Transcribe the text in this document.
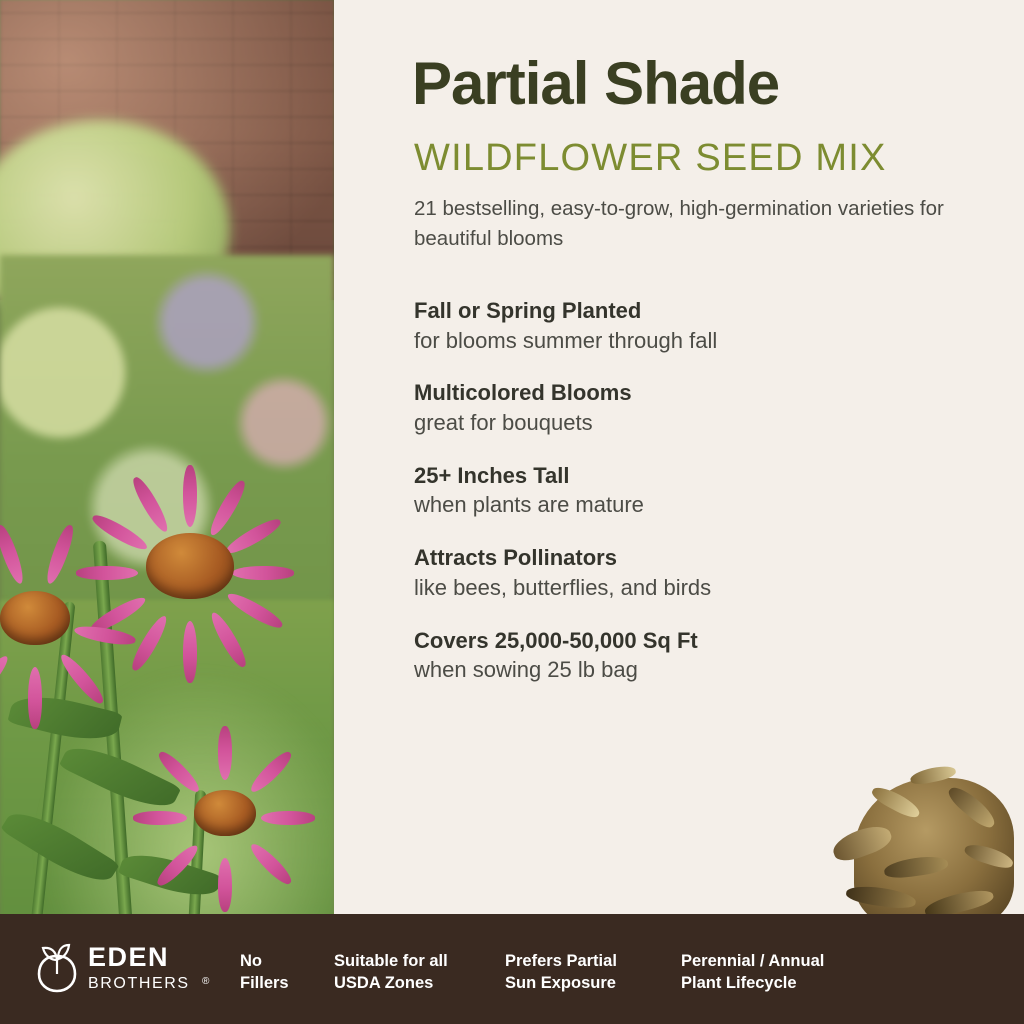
Partial Shade
WILDFLOWER SEED MIX
21 bestselling, easy-to-grow, high-germination varieties for beautiful blooms
Fall or Spring Planted
for blooms summer through fall
Multicolored Blooms
great for bouquets
25+ Inches Tall
when plants are mature
Attracts Pollinators
like bees, butterflies, and birds
Covers 25,000-50,000 Sq Ft
when sowing 25 lb bag
EDEN
BROTHERS ®
No
Fillers
Suitable for all
USDA Zones
Prefers Partial
Sun Exposure
Perennial / Annual
Plant Lifecycle
